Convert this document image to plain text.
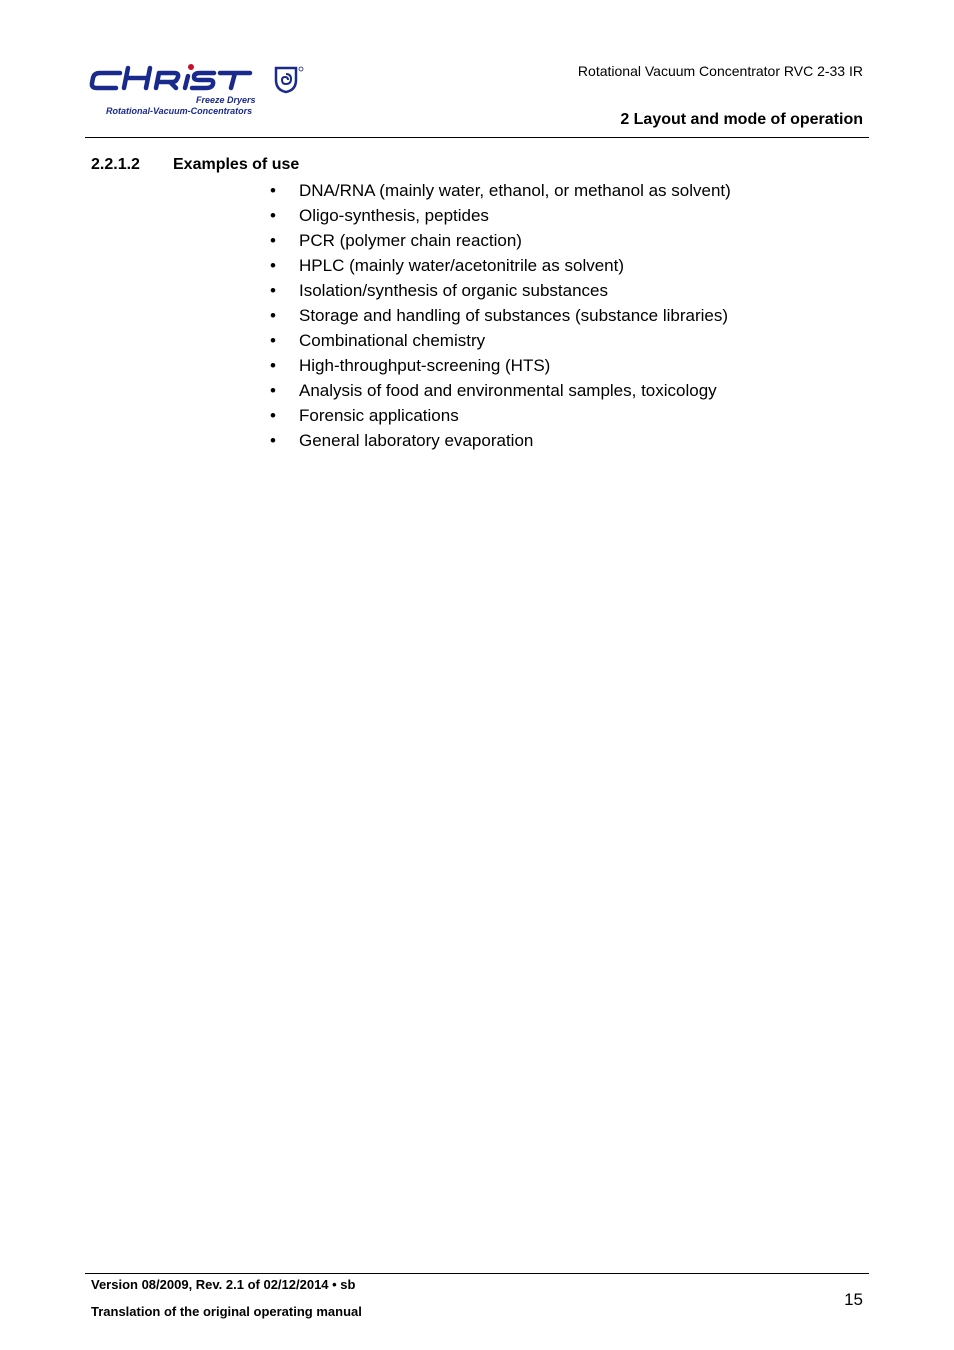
Freeze Dryers
Rotational-Vacuum-Concentrators
Rotational Vacuum Concentrator RVC 2-33 IR
2 Layout and mode of operation
2.2.1.2 Examples of use
•	DNA/RNA (mainly water, ethanol, or methanol as solvent)
•	Oligo-synthesis, peptides
•	PCR (polymer chain reaction)
•	HPLC (mainly water/acetonitrile as solvent)
•	Isolation/synthesis of organic substances
•	Storage and handling of substances (substance libraries)
•	Combinational chemistry
•	High-throughput-screening (HTS)
•	Analysis of food and environmental samples, toxicology
•	Forensic applications
•	General laboratory evaporation
Version 08/2009, Rev. 2.1 of 02/12/2014 • sb
Translation of the original operating manual
15
